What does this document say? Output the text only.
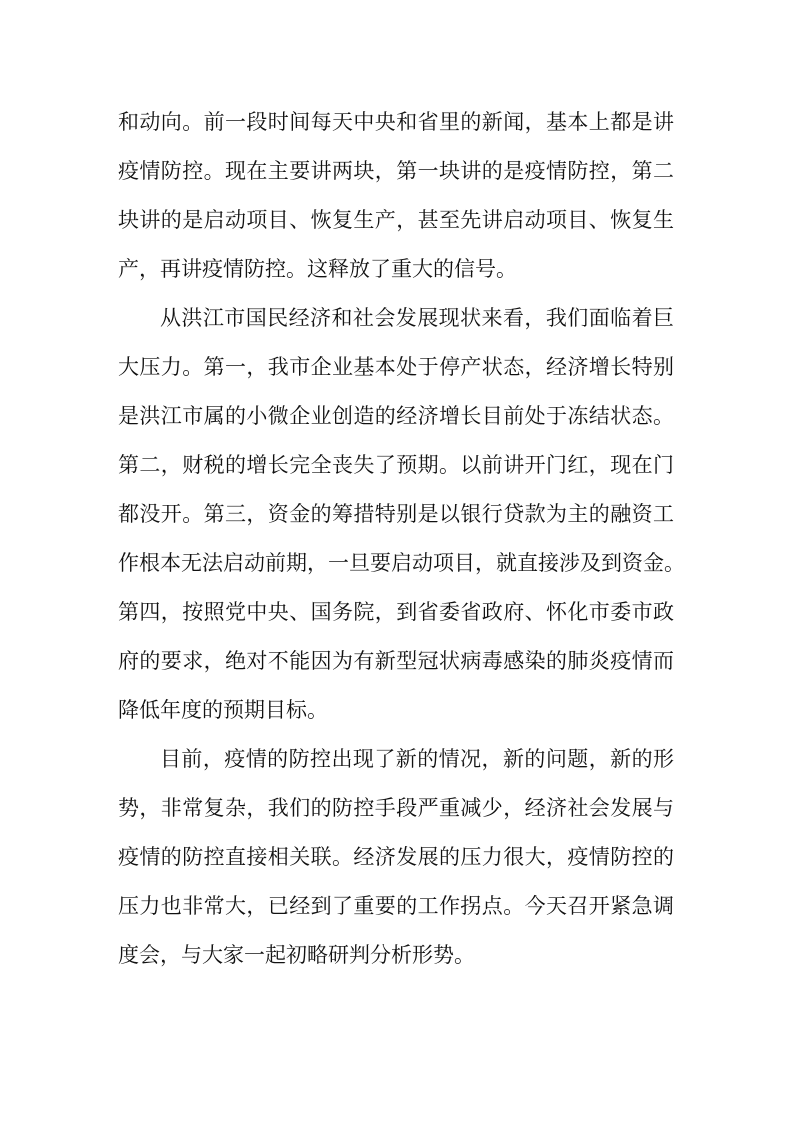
和动向。前一段时间每天中央和省里的新闻，基本上都是讲

疫情防控。现在主要讲两块，第一块讲的是疫情防控，第二

块讲的是启动项目、恢复生产，甚至先讲启动项目、恢复生

产，再讲疫情防控。这释放了重大的信号。

从洪江市国民经济和社会发展现状来看，我们面临着巨

大压力。第一，我市企业基本处于停产状态，经济增长特别

是洪江市属的小微企业创造的经济增长目前处于冻结状态。

第二，财税的增长完全丧失了预期。以前讲开门红，现在门

都没开。第三，资金的筹措特别是以银行贷款为主的融资工

作根本无法启动前期，一旦要启动项目，就直接涉及到资金。

第四，按照党中央、国务院，到省委省政府、怀化市委市政

府的要求，绝对不能因为有新型冠状病毒感染的肺炎疫情而

降低年度的预期目标。

目前，疫情的防控出现了新的情况，新的问题，新的形

势，非常复杂，我们的防控手段严重减少，经济社会发展与

疫情的防控直接相关联。经济发展的压力很大，疫情防控的

压力也非常大，已经到了重要的工作拐点。今天召开紧急调

度会，与大家一起初略研判分析形势。
